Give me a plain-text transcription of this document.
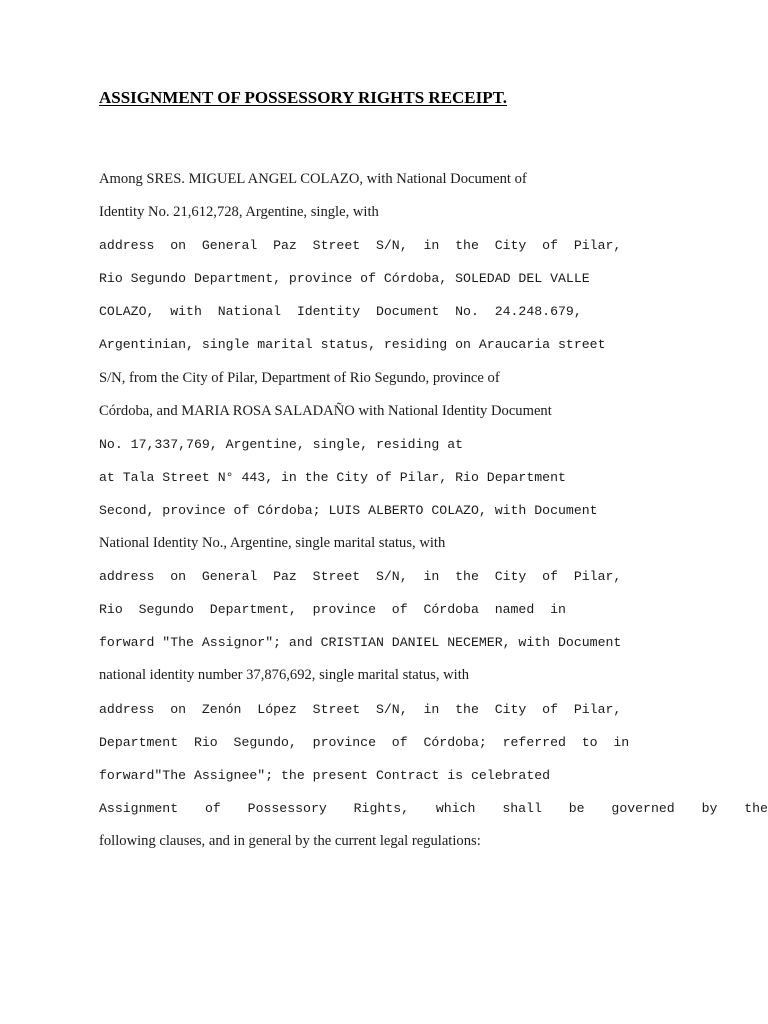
ASSIGNMENT OF POSSESSORY RIGHTS RECEIPT.
Among SRES. MIGUEL ANGEL COLAZO, with National Document of
Identity No. 21,612,728, Argentine, single, with
address  on  General  Paz  Street  S/N,  in  the  City  of  Pilar,
Rio Segundo Department, province of Córdoba, SOLEDAD DEL VALLE
COLAZO,  with  National  Identity  Document  No.  24.248.679,
Argentinian, single marital status, residing on Araucaria street
S/N, from the City of Pilar, Department of Rio Segundo, province of
Córdoba, and MARIA ROSA SALADAÑO with National Identity Document
No. 17,337,769, Argentine, single, residing at
at Tala Street N° 443, in the City of Pilar, Rio Department
Second, province of Córdoba; LUIS ALBERTO COLAZO, with Document
National Identity No., Argentine, single marital status, with
address  on  General  Paz  Street  S/N,  in  the  City  of  Pilar,
Rio  Segundo  Department,  province  of  Córdoba  named  in
forward "The Assignor"; and CRISTIAN DANIEL NECEMER, with Document
national identity number 37,876,692, single marital status, with
address  on  Zenón  López  Street  S/N,  in  the  City  of  Pilar,
Department  Rio  Segundo,  province  of  Córdoba;  referred  to  in
forward"The Assignee"; the present Contract is celebrated
Assignment of Possessory Rights, which shall be governed by the
following clauses, and in general by the current legal regulations:
